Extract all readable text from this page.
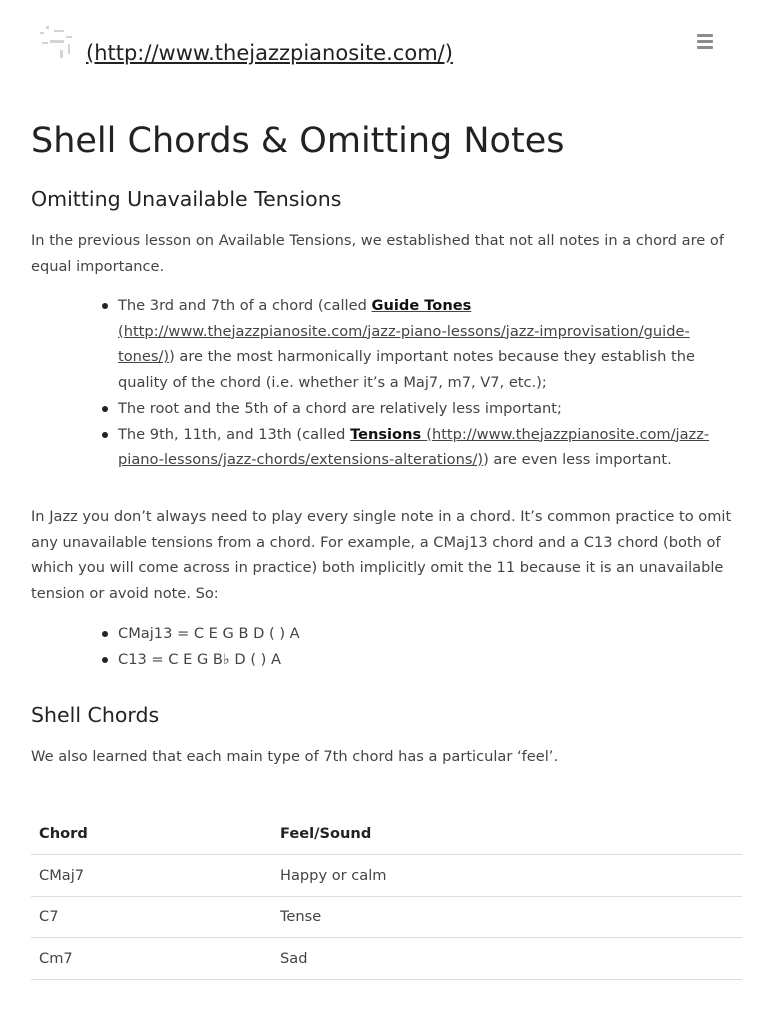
(http://www.thejazzpianosite.com/)
Shell Chords & Omitting Notes
Omitting Unavailable Tensions

In the previous lesson on Available Tensions, we established that not all notes in a chord are of equal importance.

The 3rd and 7th of a chord (called Guide Tones (http://www.thejazzpianosite.com/jazz-piano-lessons/jazz-improvisation/guide-tones/)) are the most harmonically important notes because they establish the quality of the chord (i.e. whether it’s a Maj7, m7, V7, etc.);
The root and the 5th of a chord are relatively less important;
The 9th, 11th, and 13th (called Tensions (http://www.thejazzpianosite.com/jazz-piano-lessons/jazz-chords/extensions-alterations/)) are even less important.

In Jazz you don’t always need to play every single note in a chord. It’s common practice to omit any unavailable tensions from a chord. For example, a CMaj13 chord and a C13 chord (both of which you will come across in practice) both implicitly omit the 11 because it is an unavailable tension or avoid note. So:

CMaj13 = C E G B D ( ) A
C13 = C E G B♭ D ( ) A
Shell Chords

We also learned that each main type of 7th chord has a particular ‘feel’.

Chord	Feel/Sound
CMaj7	Happy or calm
C7	Tense
Cm7	Sad
